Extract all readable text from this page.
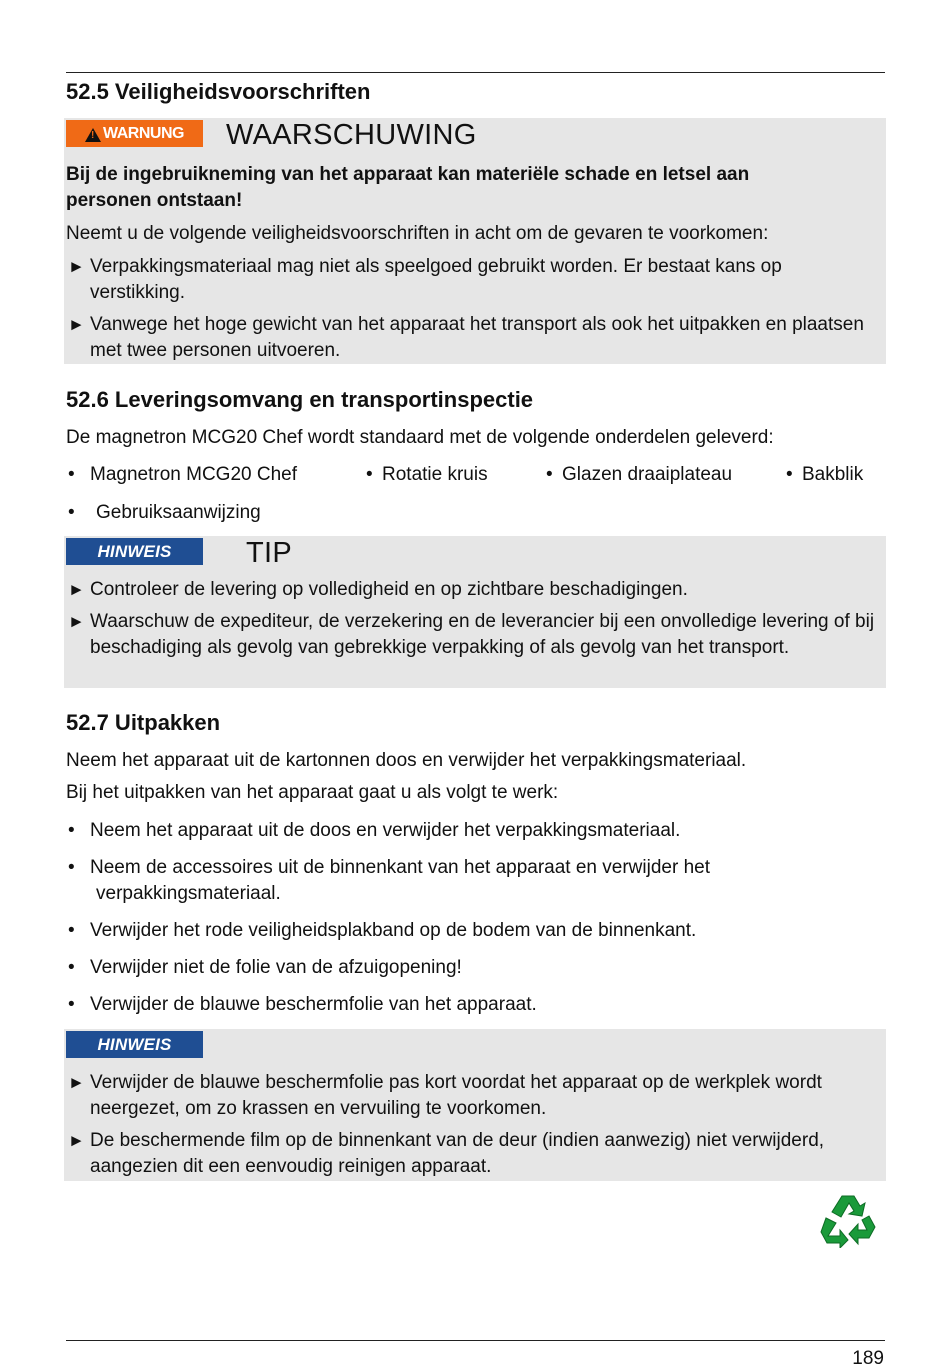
52.5 Veiligheidsvoorschriften
!
WARNUNG WAARSCHUWING
Bij de ingebruikneming van het apparaat kan materiële schade en letsel aan personen ontstaan!
Neemt u de volgende veiligheidsvoorschriften in acht om de gevaren te voorkomen:
► Verpakkingsmateriaal mag niet als speelgoed gebruikt worden. Er bestaat kans op verstikking.
► Vanwege het hoge gewicht van het apparaat het transport als ook het uitpakken en plaatsen met twee personen uitvoeren.
52.6 Leveringsomvang en transportinspectie

De magnetron MCG20 Chef wordt standaard met de volgende onderdelen geleverd:

• Magnetron MCG20 Chef	• Rotatie kruis	• Glazen draaiplateau	• Bakblik
• Gebruiksaanwijzing
HINWEIS	TIP
► Controleer de levering op volledigheid en op zichtbare beschadigingen.
► Waarschuw de expediteur, de verzekering en de leverancier bij een onvolledige levering of bij beschadiging als gevolg van gebrekkige verpakking of als gevolg van het transport.
52.7 Uitpakken

Neem het apparaat uit de kartonnen doos en verwijder het verpakkingsmateriaal.

Bij het uitpakken van het apparaat gaat u als volgt te werk:

• Neem het apparaat uit de doos en verwijder het verpakkingsmateriaal.
• Neem de accessoires uit de binnenkant van het apparaat en verwijder het
verpakkingsmateriaal.
• Verwijder het rode veiligheidsplakband op de bodem van de binnenkant.
• Verwijder niet de folie van de afzuigopening!
• Verwijder de blauwe beschermfolie van het apparaat.
HINWEIS
► Verwijder de blauwe beschermfolie pas kort voordat het apparaat op de werkplek wordt neergezet, om zo krassen en vervuiling te voorkomen.
► De beschermende film op de binnenkant van de deur (indien aanwezig) niet verwijderd, aangezien dit een eenvoudig reinigen apparaat.
189
